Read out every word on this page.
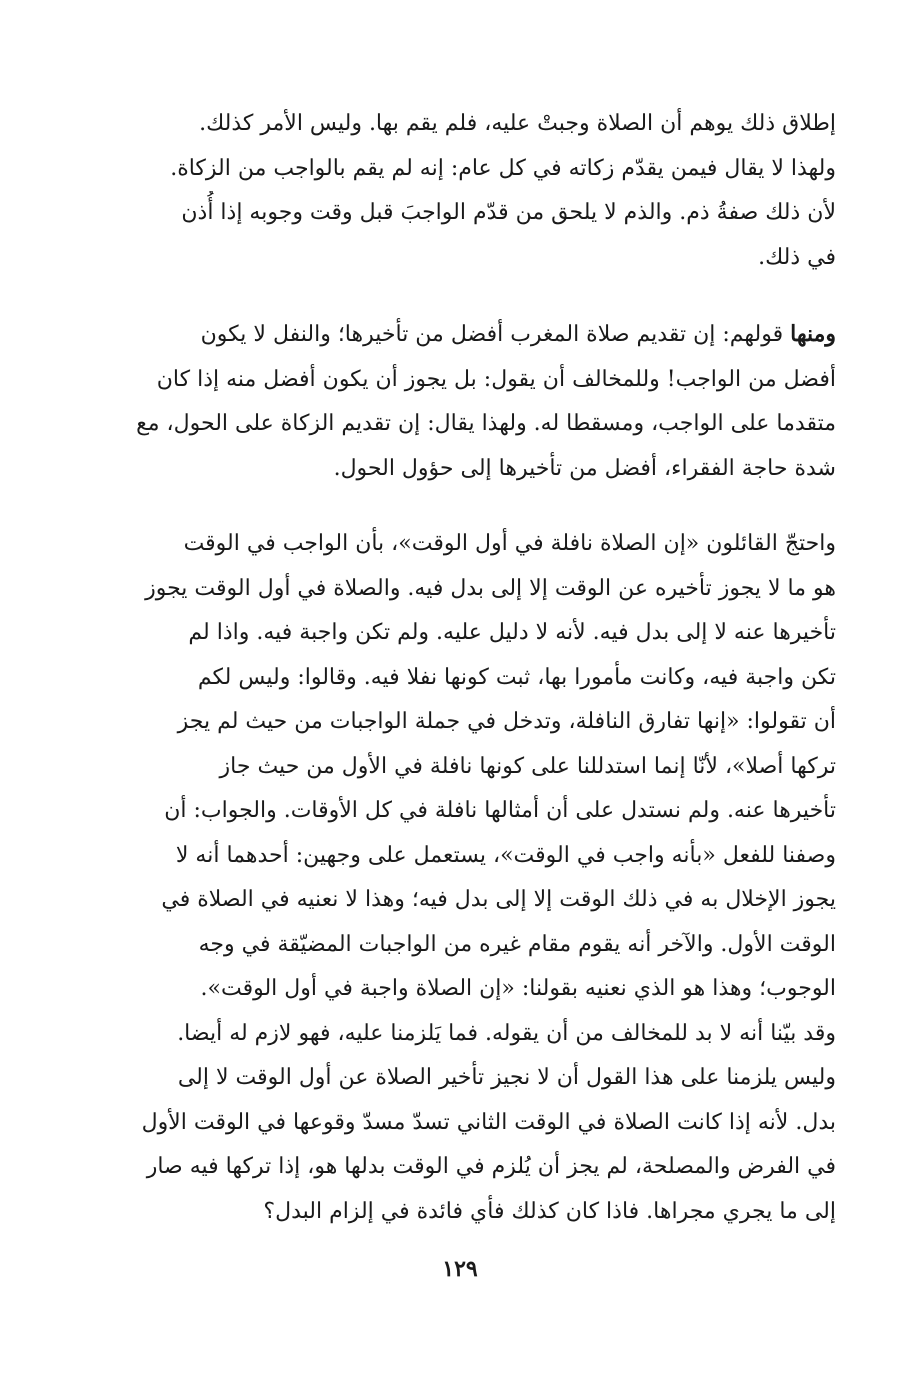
إطلاق ذلك يوهم أن الصلاة وجبتْ عليه، فلم يقم بها. وليس الأمر كذلك.
ولهذا لا يقال فيمن يقدّم زكاته في كل عام: إنه لم يقم بالواجب من الزكاة.
لأن ذلك صفةُ ذم. والذم لا يلحق من قدّم الواجبَ قبل وقت وجوبه إذا أُذن
في ذلك.
ومنها قولهم: إن تقديم صلاة المغرب أفضل من تأخيرها؛ والنفل لا يكون
أفضل من الواجب! وللمخالف أن يقول: بل يجوز أن يكون أفضل منه إذا كان
متقدما على الواجب، ومسقطا له. ولهذا يقال: إن تقديم الزكاة على الحول، مع
شدة حاجة الفقراء، أفضل من تأخيرها إلى حؤول الحول.
واحتجّ القائلون «إن الصلاة نافلة في أول الوقت»، بأن الواجب في الوقت
هو ما لا يجوز تأخيره عن الوقت إلا إلى بدل فيه. والصلاة في أول الوقت يجوز
تأخيرها عنه لا إلى بدل فيه. لأنه لا دليل عليه. ولم تكن واجبة فيه. واذا لم
تكن واجبة فيه، وكانت مأمورا بها، ثبت كونها نفلا فيه. وقالوا: وليس لكم
أن تقولوا: «إنها تفارق النافلة، وتدخل في جملة الواجبات من حيث لم يجز
تركها أصلا»، لأنّا إنما استدللنا على كونها نافلة في الأول من حيث جاز
تأخيرها عنه. ولم نستدل على أن أمثالها نافلة في كل الأوقات. والجواب: أن
وصفنا للفعل «بأنه واجب في الوقت»، يستعمل على وجهين: أحدهما أنه لا
يجوز الإخلال به في ذلك الوقت إلا إلى بدل فيه؛ وهذا لا نعنيه في الصلاة في
الوقت الأول. والآخر أنه يقوم مقام غيره من الواجبات المضيّقة في وجه
الوجوب؛ وهذا هو الذي نعنيه بقولنا: «إن الصلاة واجبة في أول الوقت».
وقد بيّنا أنه لا بد للمخالف من أن يقوله. فما يَلزمنا عليه، فهو لازم له أيضا.
وليس يلزمنا على هذا القول أن لا نجيز تأخير الصلاة عن أول الوقت لا إلى
بدل. لأنه إذا كانت الصلاة في الوقت الثاني تسدّ مسدّ وقوعها في الوقت الأول
في الفرض والمصلحة، لم يجز أن يُلزم في الوقت بدلها هو، إذا تركها فيه صار
إلى ما يجري مجراها. فاذا كان كذلك فأي فائدة في إلزام البدل؟
١٢٩
